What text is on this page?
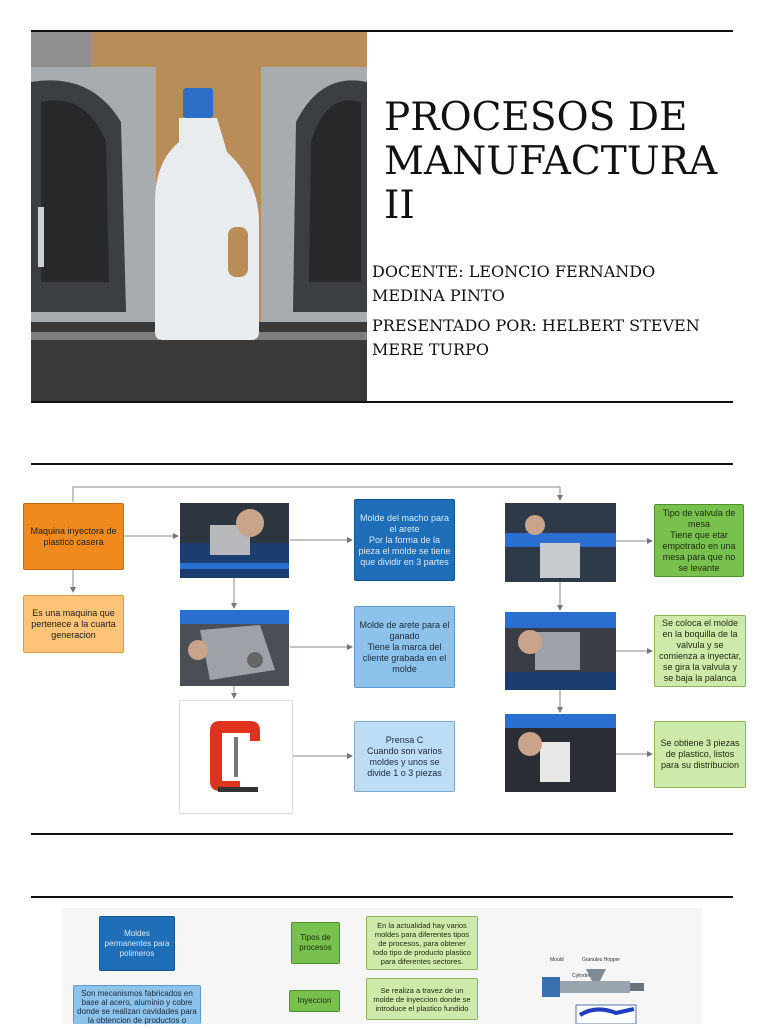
PROCESOS DE
MANUFACTURA
II
DOCENTE: LEONCIO FERNANDO
MEDINA PINTO
PRESENTADO POR: HELBERT STEVEN
MERE TURPO
Maquina inyectora de plastico casera
Es una maquina que pertenece a la cuarta generacion
Molde del macho para el arete
Por la forma de la pieza el molde se tiene que dividir en 3 partes
Molde de arete para el ganado
Tiene la marca del cliente grabada en el molde
Prensa C
Cuando son varios moldes y unos se divide 1 o 3 piezas
Tipo de valvula de mesa
Tiene que etar empotrado en una mesa para que no se levante
Se coloca el molde en la boquilla de la valvula y se comienza a inyectar, se gira la valvula y se baja la palanca
Se obtiene 3 piezas de plastico, listos para su distribucion
Moldes permanentes para polimeros
Son mecanismos fabricados en base al acero, aluminio y cobre donde se realizan cavidades para la obtencion de productos o
Tipos de procesos
En la actualidad hay varios moldes para diferentes tipos de procesos, para obtener todo tipo de producto plastico para diferentes sectores.
Inyeccion
Se realiza a travez de un molde de inyeccion donde se introduce el plastico fundido
Mould	Granules Hopper
Cylinder
